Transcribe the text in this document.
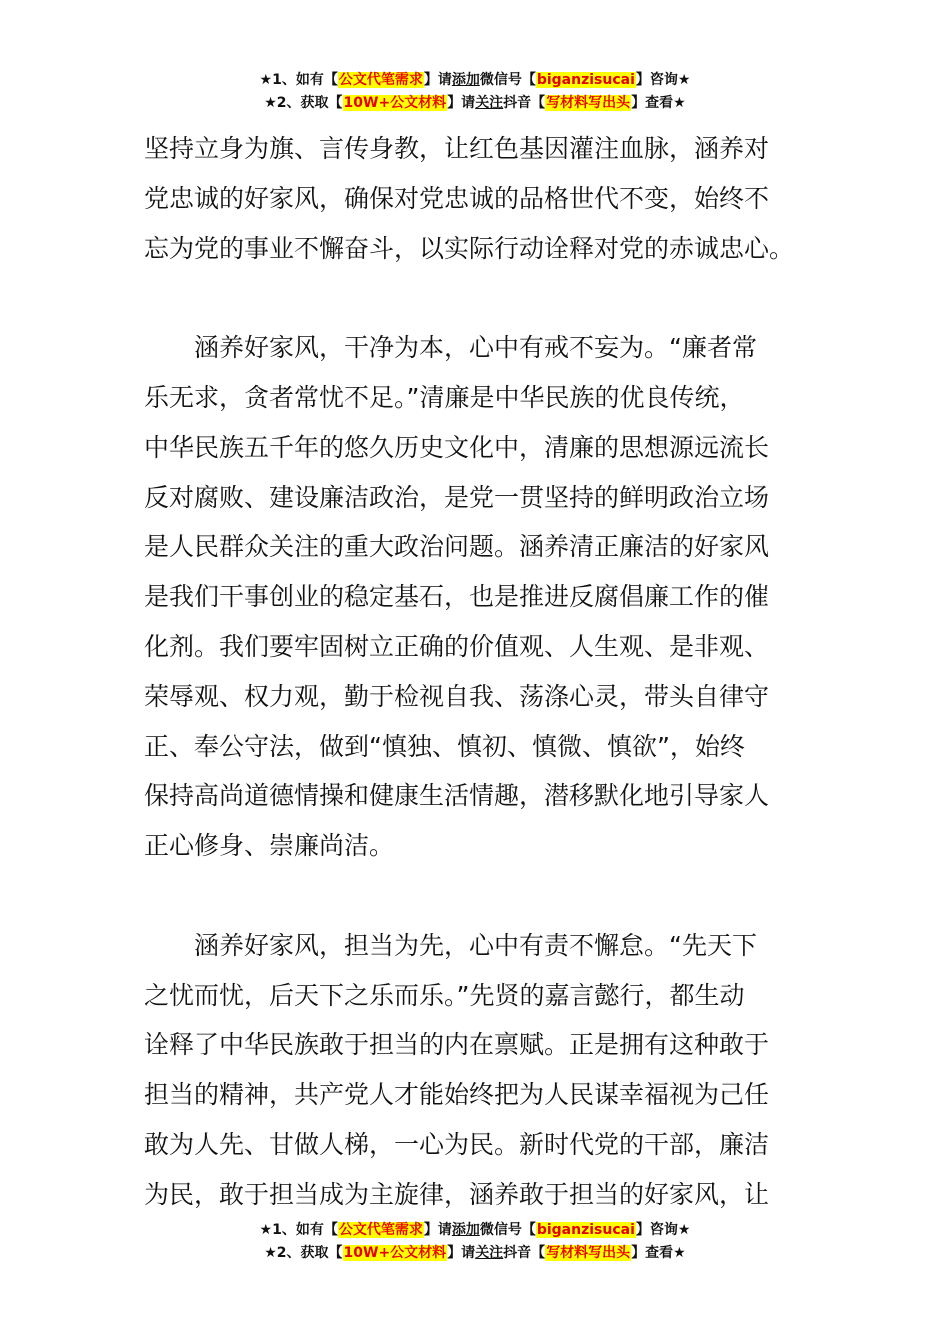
★1、如有【公文代笔需求】请添加微信号【biganzisucai】咨询★
★2、获取【10W+公文材料】请关注抖音【写材料写出头】查看★
坚持立身为旗、言传身教，让红色基因灌注血脉，涵养对
党忠诚的好家风，确保对党忠诚的品格世代不变，始终不
忘为党的事业不懈奋斗，以实际行动诠释对党的赤诚忠心。
　　涵养好家风，干净为本，心中有戒不妄为。“廉者常
乐无求，贪者常忧不足。”清廉是中华民族的优良传统，
中华民族五千年的悠久历史文化中，清廉的思想源远流长
反对腐败、建设廉洁政治，是党一贯坚持的鲜明政治立场
是人民群众关注的重大政治问题。涵养清正廉洁的好家风
是我们干事创业的稳定基石，也是推进反腐倡廉工作的催
化剂。我们要牢固树立正确的价值观、人生观、是非观、
荣辱观、权力观，勤于检视自我、荡涤心灵，带头自律守
正、奉公守法，做到“慎独、慎初、慎微、慎欲”，始终
保持高尚道德情操和健康生活情趣，潜移默化地引导家人
正心修身、崇廉尚洁。
　　涵养好家风，担当为先，心中有责不懈怠。“先天下
之忧而忧，后天下之乐而乐。”先贤的嘉言懿行，都生动
诠释了中华民族敢于担当的内在禀赋。正是拥有这种敢于
担当的精神，共产党人才能始终把为人民谋幸福视为己任
敢为人先、甘做人梯，一心为民。新时代党的干部，廉洁
为民，敢于担当成为主旋律，涵养敢于担当的好家风，让
★1、如有【公文代笔需求】请添加微信号【biganzisucai】咨询★
★2、获取【10W+公文材料】请关注抖音【写材料写出头】查看★
